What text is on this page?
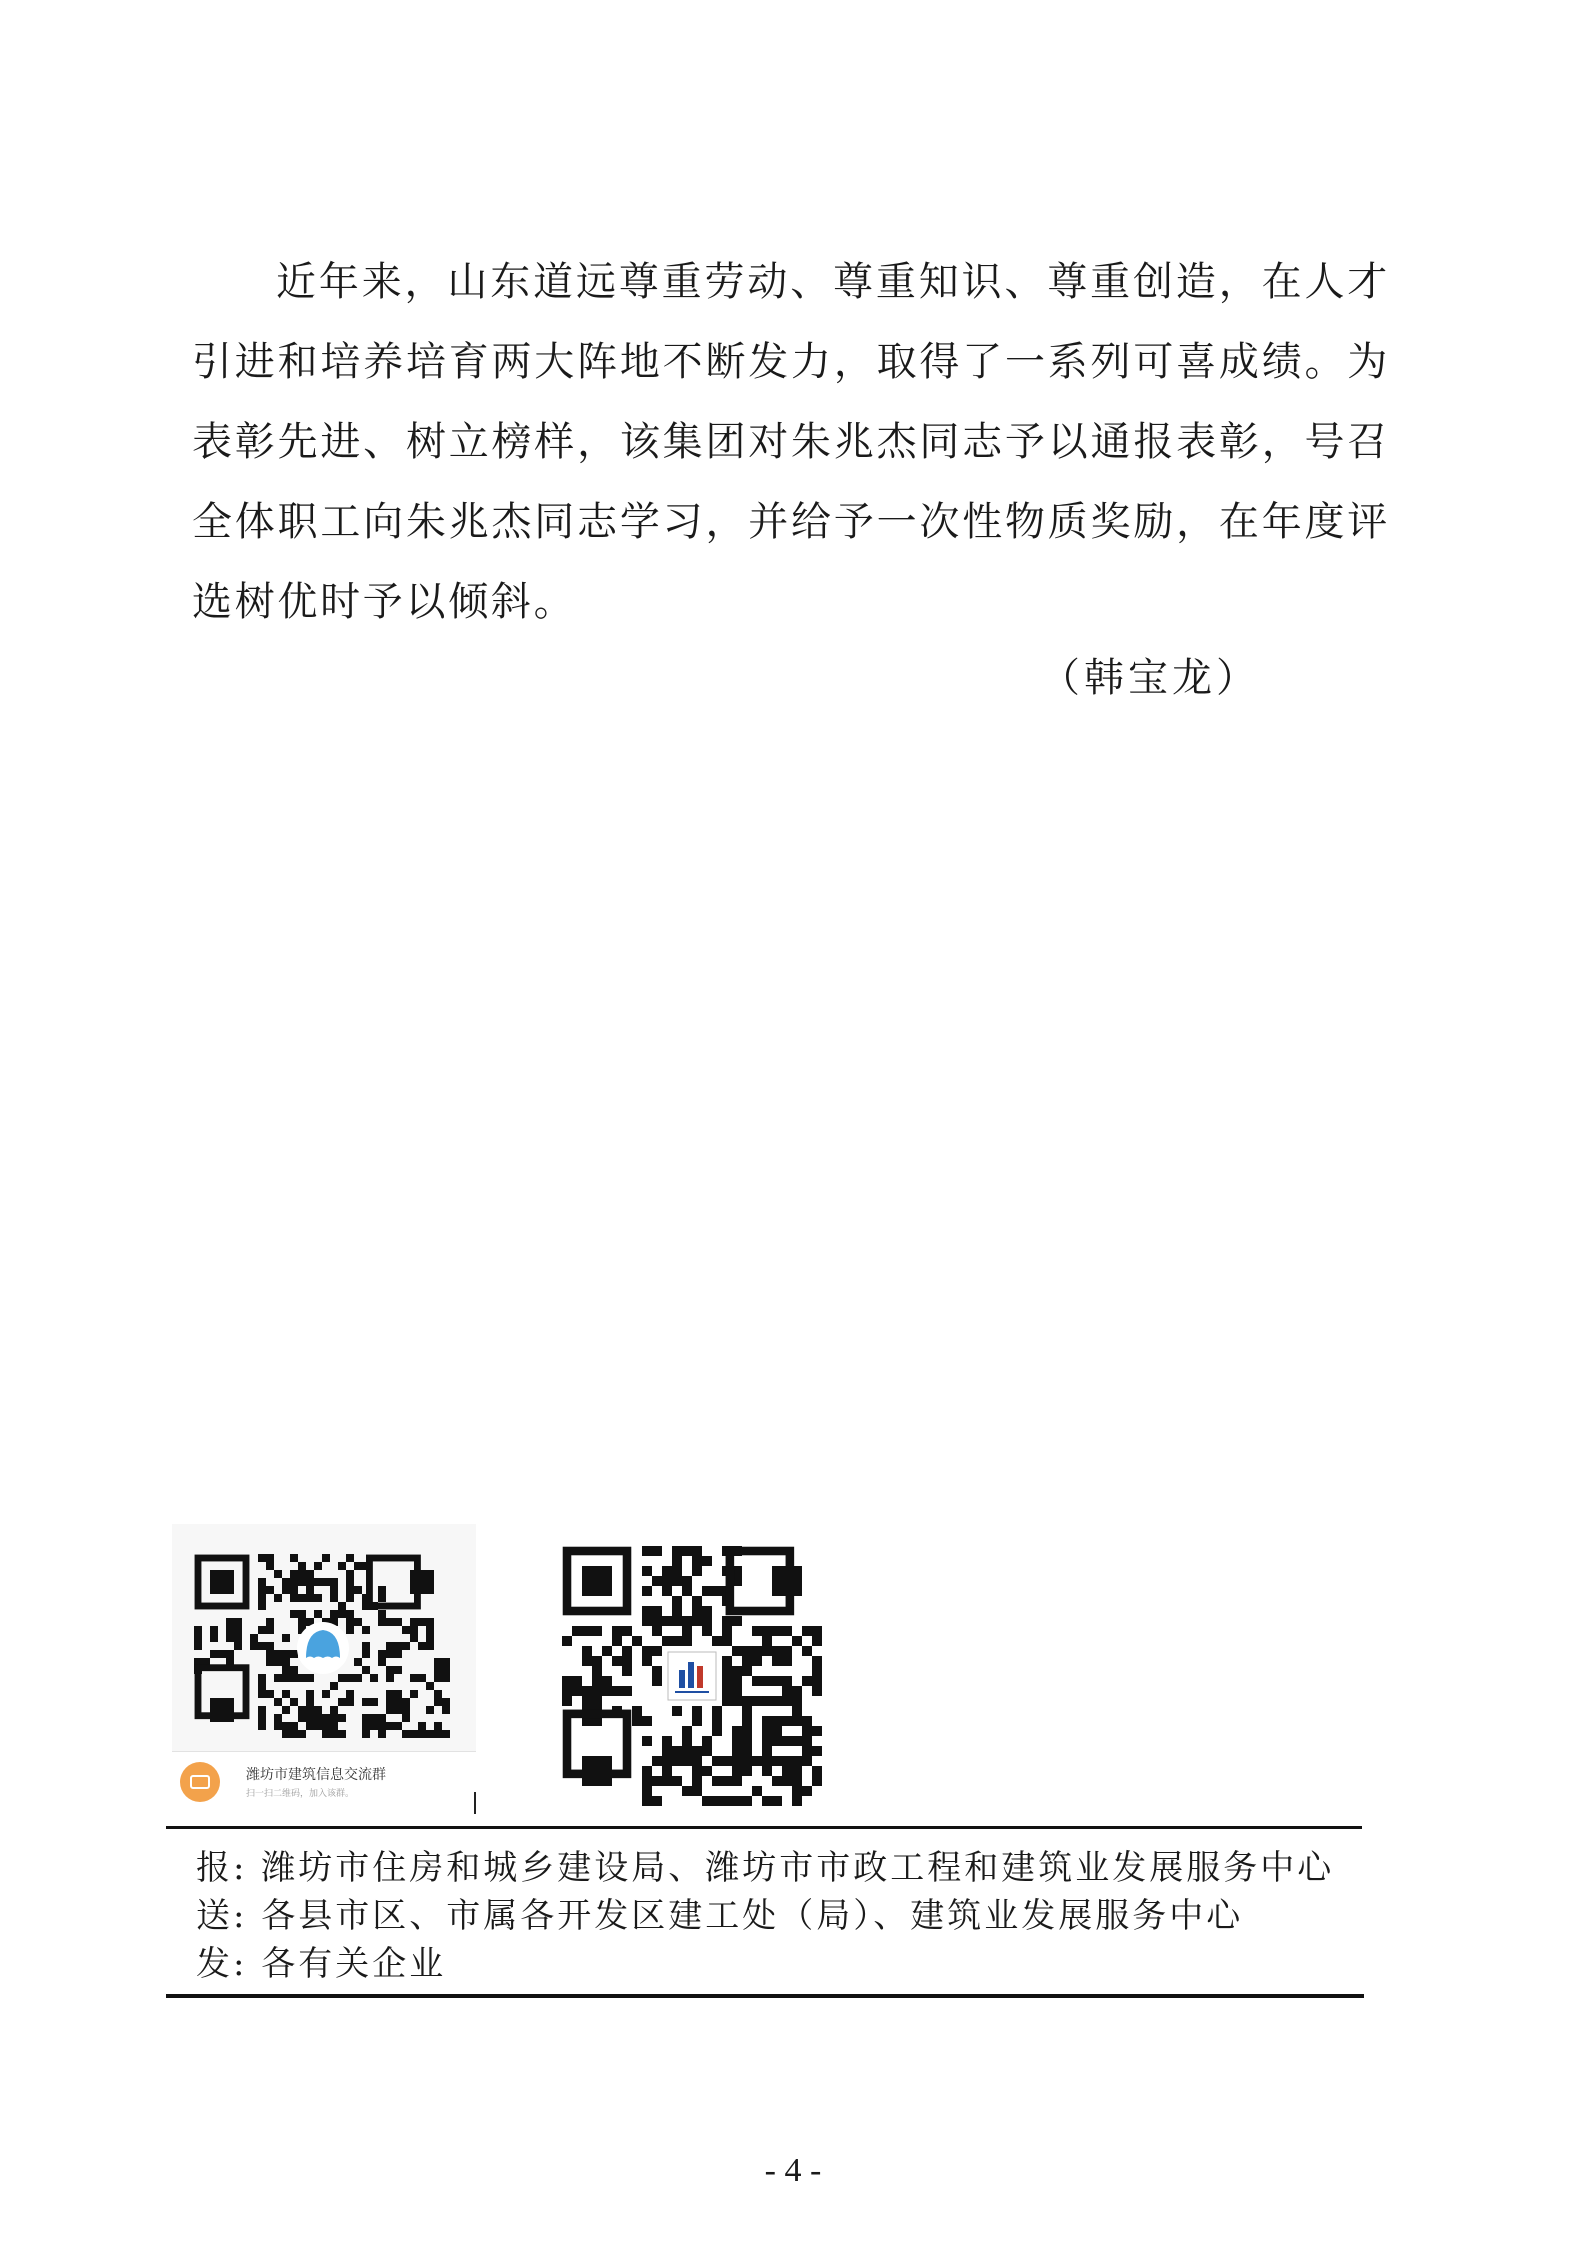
近年来，山东道远尊重劳动、尊重知识、尊重创造，在人才引进和培养培育两大阵地不断发力，取得了一系列可喜成绩。为表彰先进、树立榜样，该集团对朱兆杰同志予以通报表彰，号召全体职工向朱兆杰同志学习，并给予一次性物质奖励，在年度评选树优时予以倾斜。

（韩宝龙）
潍坊市建筑信息交流群
扫一扫二维码，加入该群。
报: 潍坊市住房和城乡建设局、潍坊市市政工程和建筑业发展服务中心
送: 各县市区、市属各开发区建工处（局）、建筑业发展服务中心
发: 各有关企业
- 4 -
